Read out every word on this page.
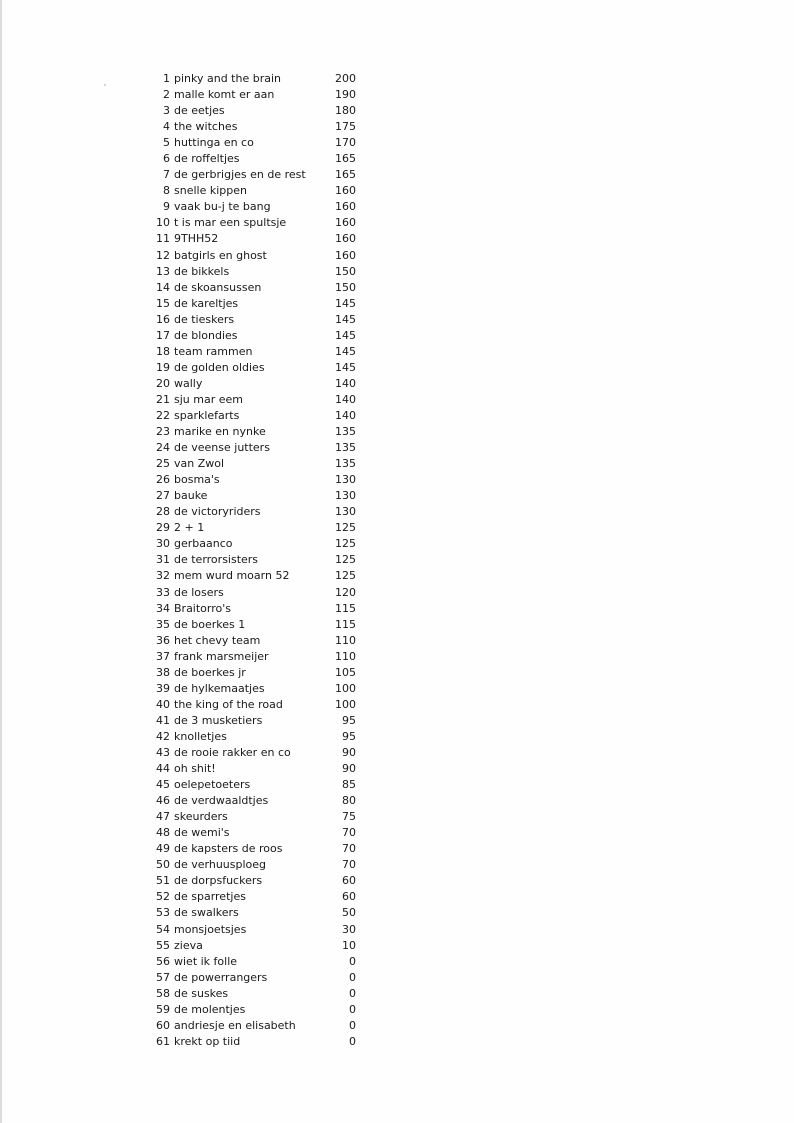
1 pinky and the brain	200
2 malle komt er aan	190
3 de eetjes	180
4 the witches	175
5 huttinga en co	170
6 de roffeltjes	165
7 de gerbrigjes en de rest	165
8 snelle kippen	160
9 vaak bu-j te bang	160
10 t is mar een spultsje	160
11 9THH52	160
12 batgirls en ghost	160
13 de bikkels	150
14 de skoansussen	150
15 de kareltjes	145
16 de tieskers	145
17 de blondies	145
18 team rammen	145
19 de golden oldies	145
20 wally	140
21 sju mar eem	140
22 sparklefarts	140
23 marike en nynke	135
24 de veense jutters	135
25 van Zwol	135
26 bosma's	130
27 bauke	130
28 de victoryriders	130
29 2 + 1	125
30 gerbaanco	125
31 de terrorsisters	125
32 mem wurd moarn 52	125
33 de losers	120
34 Braitorro's	115
35 de boerkes 1	115
36 het chevy team	110
37 frank marsmeijer	110
38 de boerkes jr	105
39 de hylkemaatjes	100
40 the king of the road	100
41 de 3 musketiers	95
42 knolletjes	95
43 de rooie rakker en co	90
44 oh shit!	90
45 oelepetoeters	85
46 de verdwaaldtjes	80
47 skeurders	75
48 de wemi's	70
49 de kapsters de roos	70
50 de verhuusploeg	70
51 de dorpsfuckers	60
52 de sparretjes	60
53 de swalkers	50
54 monsjoetsjes	30
55 zieva	10
56 wiet ik folle	0
57 de powerrangers	0
58 de suskes	0
59 de molentjes	0
60 andriesje en elisabeth	0
61 krekt op tiid	0
